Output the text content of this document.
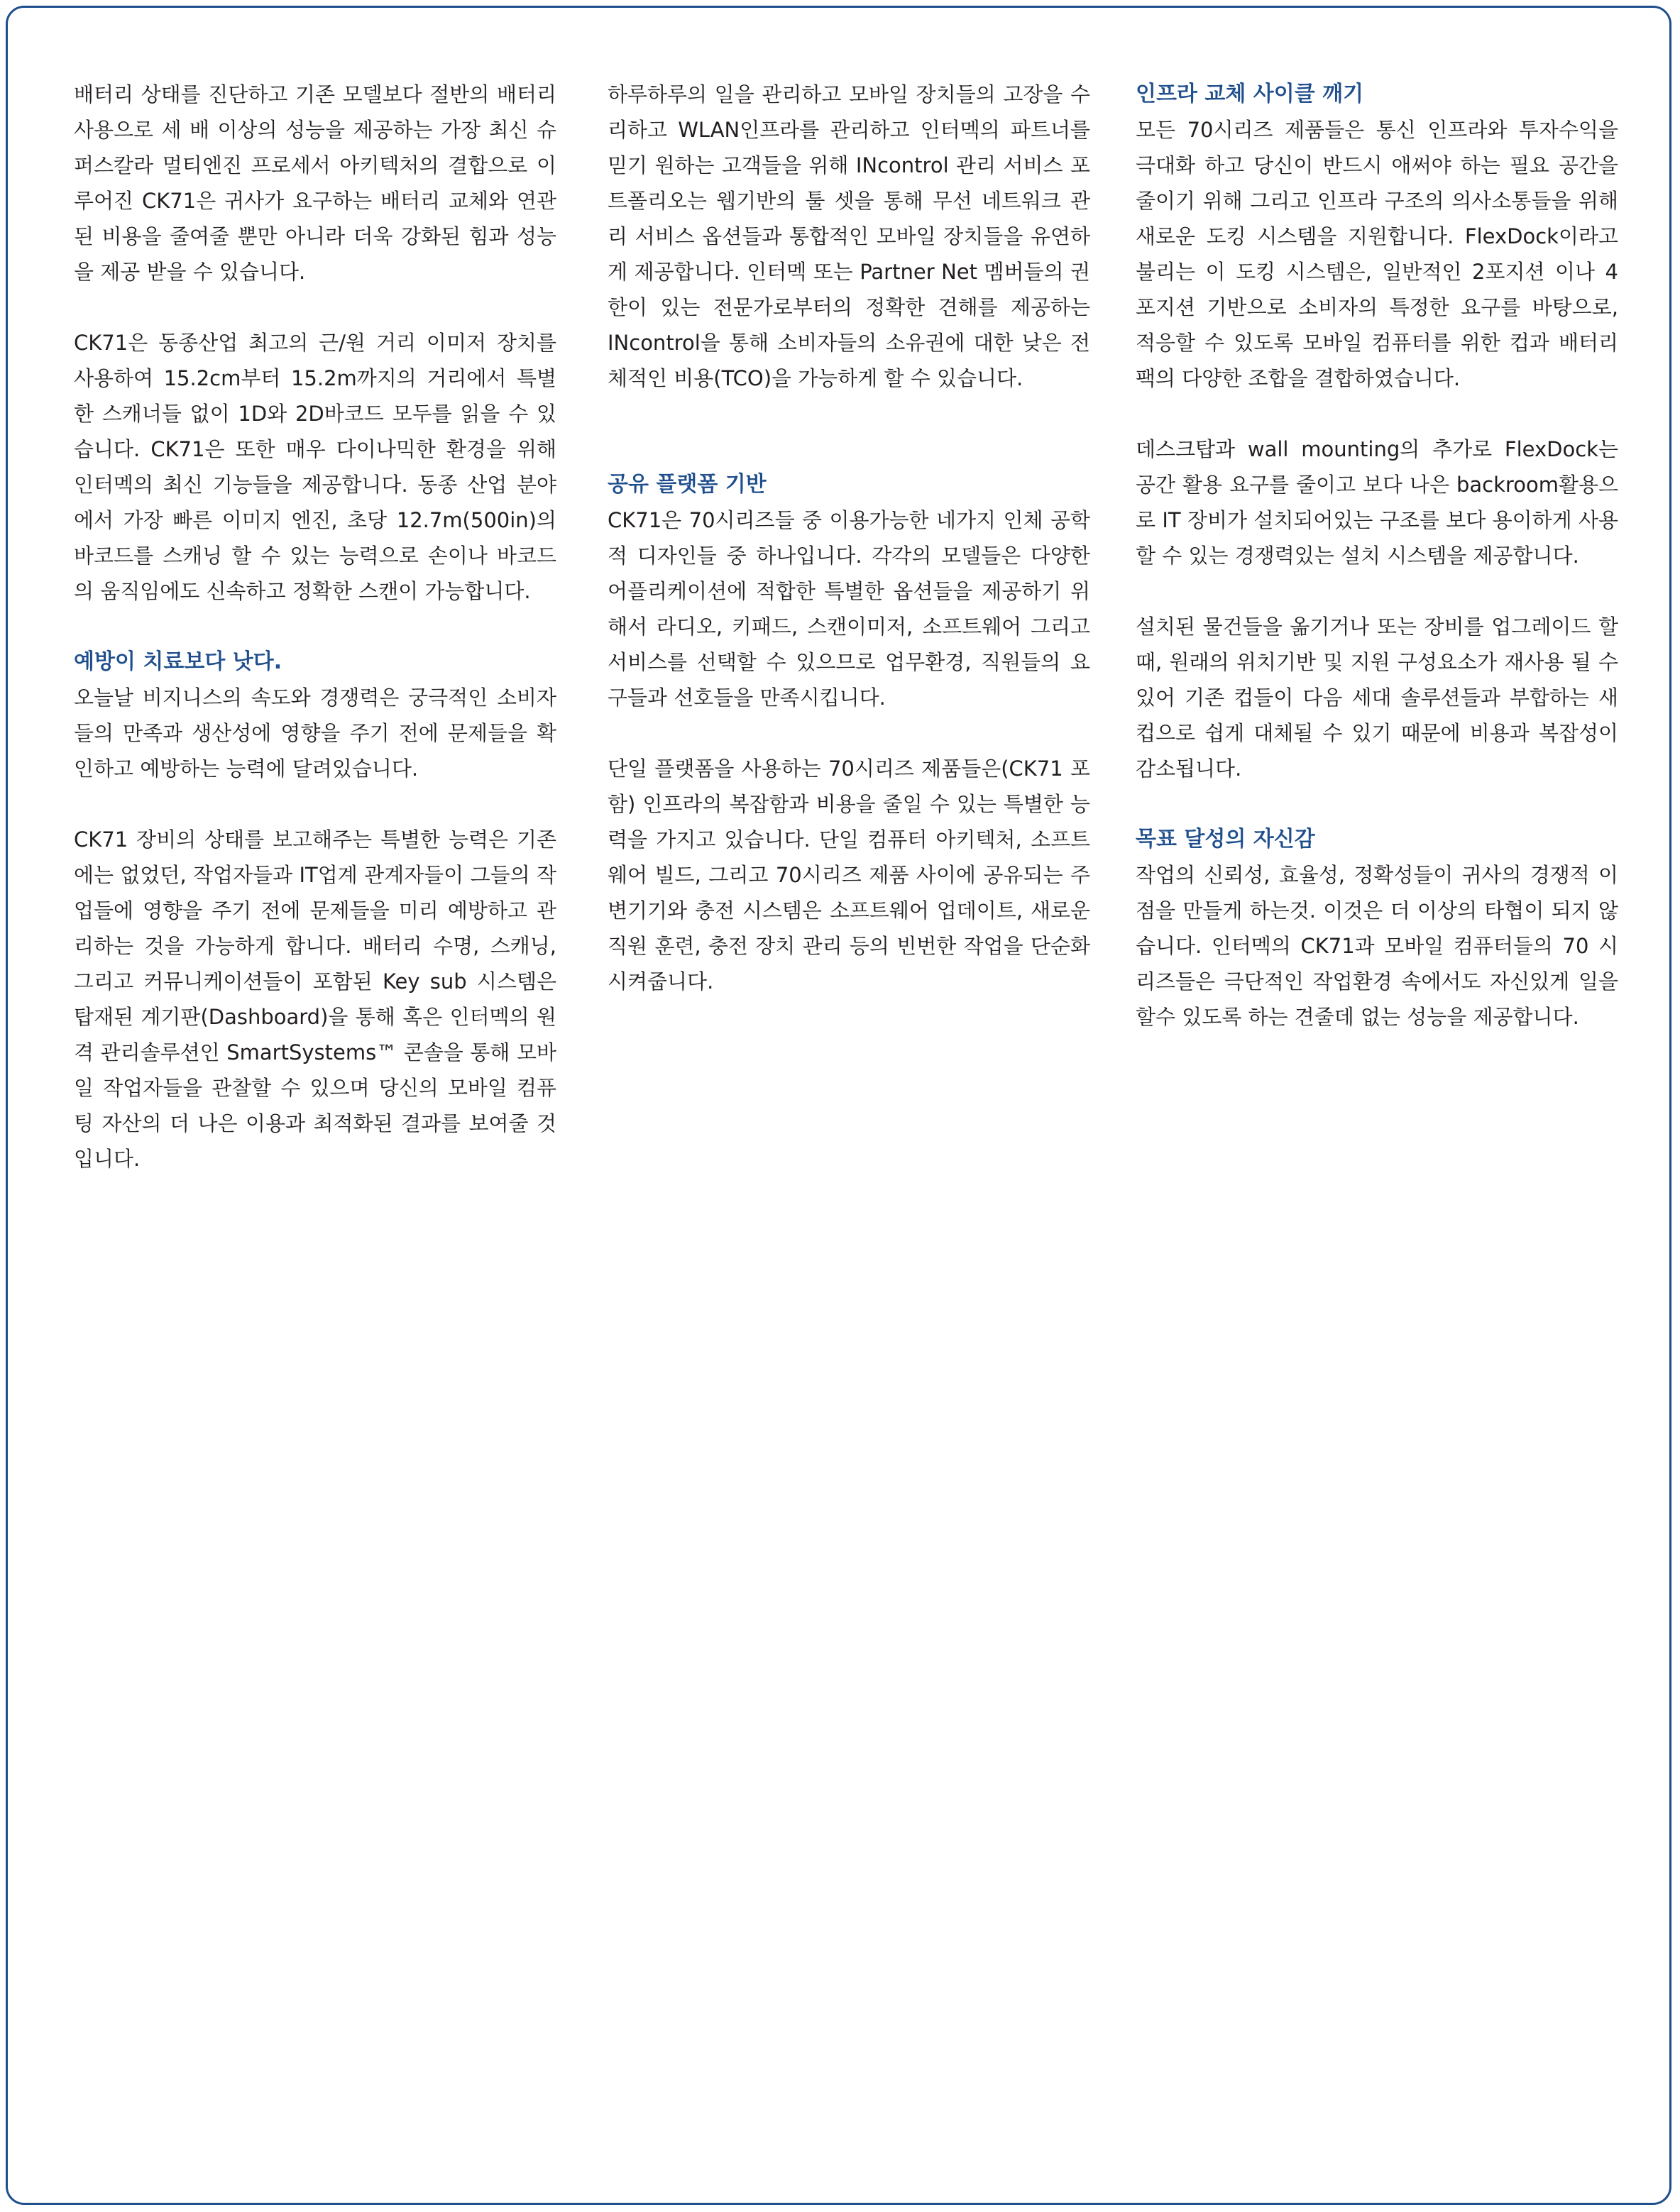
배터리 상태를 진단하고 기존 모델보다 절반의 배터리 사용으로 세 배 이상의 성능을 제공하는 가장 최신 슈퍼스칼라 멀티엔진 프로세서 아키텍처의 결합으로 이루어진 CK71은 귀사가 요구하는 배터리 교체와 연관된 비용을 줄여줄 뿐만 아니라 더욱 강화된 힘과 성능을 제공 받을 수 있습니다.

CK71은 동종산업 최고의 근/원 거리 이미저 장치를 사용하여 15.2cm부터 15.2m까지의 거리에서 특별한 스캐너들 없이 1D와 2D바코드 모두를 읽을 수 있습니다. CK71은 또한 매우 다이나믹한 환경을 위해 인터멕의 최신 기능들을 제공합니다. 동종 산업 분야에서 가장 빠른 이미지 엔진, 초당 12.7m(500in)의 바코드를 스캐닝 할 수 있는 능력으로 손이나 바코드의 움직임에도 신속하고 정확한 스캔이 가능합니다.

예방이 치료보다 낫다.

오늘날 비지니스의 속도와 경쟁력은 궁극적인 소비자들의 만족과 생산성에 영향을 주기 전에 문제들을 확인하고 예방하는 능력에 달려있습니다.

CK71 장비의 상태를 보고해주는 특별한 능력은 기존에는 없었던, 작업자들과 IT업계 관계자들이 그들의 작업들에 영향을 주기 전에 문제들을 미리 예방하고 관리하는 것을 가능하게 합니다. 배터리 수명, 스캐닝, 그리고 커뮤니케이션들이 포함된 Key sub 시스템은 탑재된 계기판(Dashboard)을 통해 혹은 인터멕의 원격 관리솔루션인 SmartSystems™ 콘솔을 통해 모바일 작업자들을 관찰할 수 있으며 당신의 모바일 컴퓨팅 자산의 더 나은 이용과 최적화된 결과를 보여줄 것입니다.

하루하루의 일을 관리하고 모바일 장치들의 고장을 수리하고 WLAN인프라를 관리하고 인터멕의 파트너를 믿기 원하는 고객들을 위해 INcontrol 관리 서비스 포트폴리오는 웹기반의 툴 셋을 통해 무선 네트워크 관리 서비스 옵션들과 통합적인 모바일 장치들을 유연하게 제공합니다. 인터멕 또는 Partner Net 멤버들의 권한이 있는 전문가로부터의 정확한 견해를 제공하는 INcontrol을 통해 소비자들의 소유권에 대한 낮은 전체적인 비용(TCO)을 가능하게 할 수 있습니다.

공유 플랫폼 기반

CK71은 70시리즈들 중 이용가능한 네가지 인체 공학적 디자인들 중 하나입니다. 각각의 모델들은 다양한 어플리케이션에 적합한 특별한 옵션들을 제공하기 위해서 라디오, 키패드, 스캔이미저, 소프트웨어 그리고 서비스를 선택할 수 있으므로 업무환경, 직원들의 요구들과 선호들을 만족시킵니다.

단일 플랫폼을 사용하는 70시리즈 제품들은(CK71 포함) 인프라의 복잡함과 비용을 줄일 수 있는 특별한 능력을 가지고 있습니다. 단일 컴퓨터 아키텍처, 소프트웨어 빌드, 그리고 70시리즈 제품 사이에 공유되는 주변기기와 충전 시스템은 소프트웨어 업데이트, 새로운 직원 훈련, 충전 장치 관리 등의 빈번한 작업을 단순화 시켜줍니다.

인프라 교체 사이클 깨기

모든 70시리즈 제품들은 통신 인프라와 투자수익을 극대화 하고 당신이 반드시 애써야 하는 필요 공간을 줄이기 위해 그리고 인프라 구조의 의사소통들을 위해 새로운 도킹 시스템을 지원합니다. FlexDock이라고 불리는 이 도킹 시스템은, 일반적인 2포지션 이나 4 포지션 기반으로 소비자의 특정한 요구를 바탕으로, 적응할 수 있도록 모바일 컴퓨터를 위한 컵과 배터리 팩의 다양한 조합을 결합하였습니다.

데스크탑과 wall mounting의 추가로 FlexDock는 공간 활용 요구를 줄이고 보다 나은 backroom활용으로 IT 장비가 설치되어있는 구조를 보다 용이하게 사용할 수 있는 경쟁력있는 설치 시스템을 제공합니다.

설치된 물건들을 옮기거나 또는 장비를 업그레이드 할 때, 원래의 위치기반 및 지원 구성요소가 재사용 될 수 있어 기존 컵들이 다음 세대 솔루션들과 부합하는 새 컵으로 쉽게 대체될 수 있기 때문에 비용과 복잡성이 감소됩니다.

목표 달성의 자신감

작업의 신뢰성, 효율성, 정확성들이 귀사의 경쟁적 이점을 만들게 하는것. 이것은 더 이상의 타협이 되지 않습니다. 인터멕의 CK71과 모바일 컴퓨터들의 70 시리즈들은 극단적인 작업환경 속에서도 자신있게 일을 할수 있도록 하는 견줄데 없는 성능을 제공합니다.
